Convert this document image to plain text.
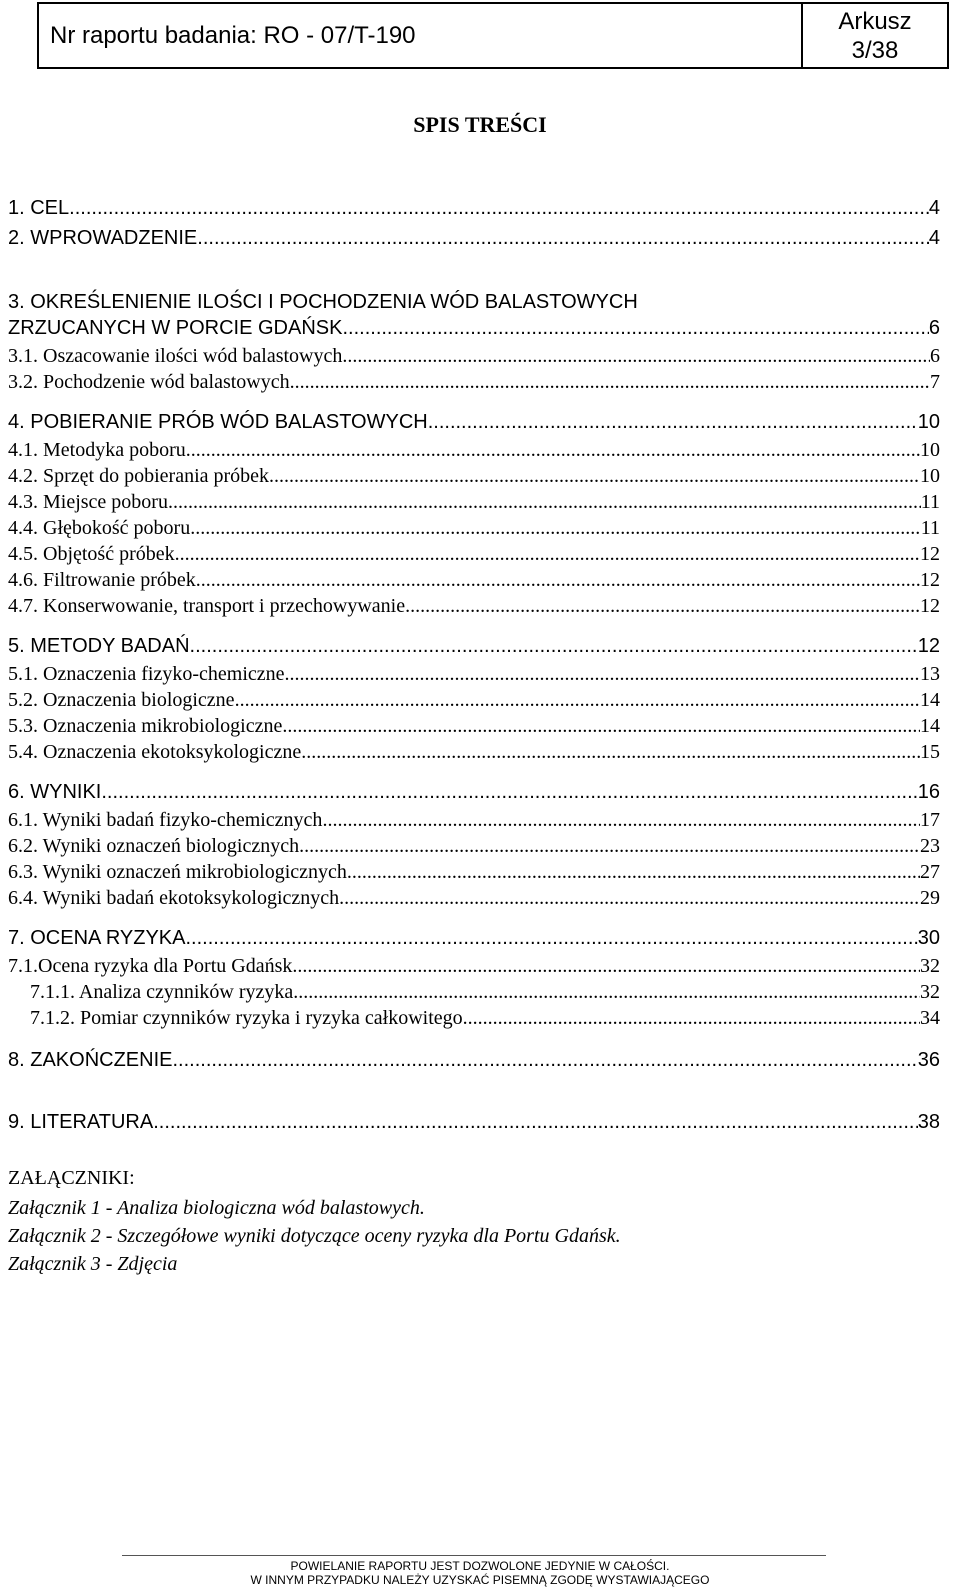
Nr raportu badania: RO - 07/T-190
Arkusz
3/38
SPIS TREŚCI
1. CEL .....	4
2. WPROWADZENIE. .....	4
3. OKREŚLENIENIE ILOŚCI I POCHODZENIA WÓD BALASTOWYCH
ZRZUCANYCH W PORCIE GDAŃSK. .....	6
3.1. Oszacowanie ilości wód balastowych. .....	6
3.2. Pochodzenie wód balastowych. .....	7
4. POBIERANIE PRÓB WÓD BALASTOWYCH .....	10
4.1. Metodyka poboru. .....	10
4.2. Sprzęt do pobierania próbek .....	10
4.3. Miejsce poboru .....	11
4.4. Głębokość poboru .....	11
4.5. Objętość próbek .....	12
4.6. Filtrowanie próbek .....	12
4.7. Konserwowanie, transport i przechowywanie .....	12
5. METODY BADAŃ .....	12
5.1. Oznaczenia fizyko-chemiczne .....	13
5.2. Oznaczenia biologiczne .....	14
5.3. Oznaczenia mikrobiologiczne .....	14
5.4. Oznaczenia ekotoksykologiczne .....	15
6. WYNIKI .....	16
6.1. Wyniki badań fizyko-chemicznych .....	17
6.2. Wyniki oznaczeń biologicznych. .....	23
6.3. Wyniki oznaczeń mikrobiologicznych .....	27
6.4. Wyniki badań ekotoksykologicznych .....	29
7. OCENA RYZYKA .....	30
7.1.Ocena ryzyka dla Portu Gdańsk .....	32
7.1.1. Analiza czynników ryzyka .....	32
7.1.2. Pomiar czynników ryzyka i ryzyka całkowitego .....	34
8. ZAKOŃCZENIE .....	36
9. LITERATURA .....	38
ZAŁĄCZNIKI:
Załącznik 1 - Analiza biologiczna wód balastowych.
Załącznik 2 - Szczegółowe wyniki dotyczące oceny ryzyka dla Portu Gdańsk.
Załącznik 3 - Zdjęcia
POWIELANIE RAPORTU JEST DOZWOLONE JEDYNIE W CAŁOŚCI.
W INNYM PRZYPADKU NALEŻY UZYSKAĆ PISEMNĄ ZGODĘ WYSTAWIAJĄCEGO
